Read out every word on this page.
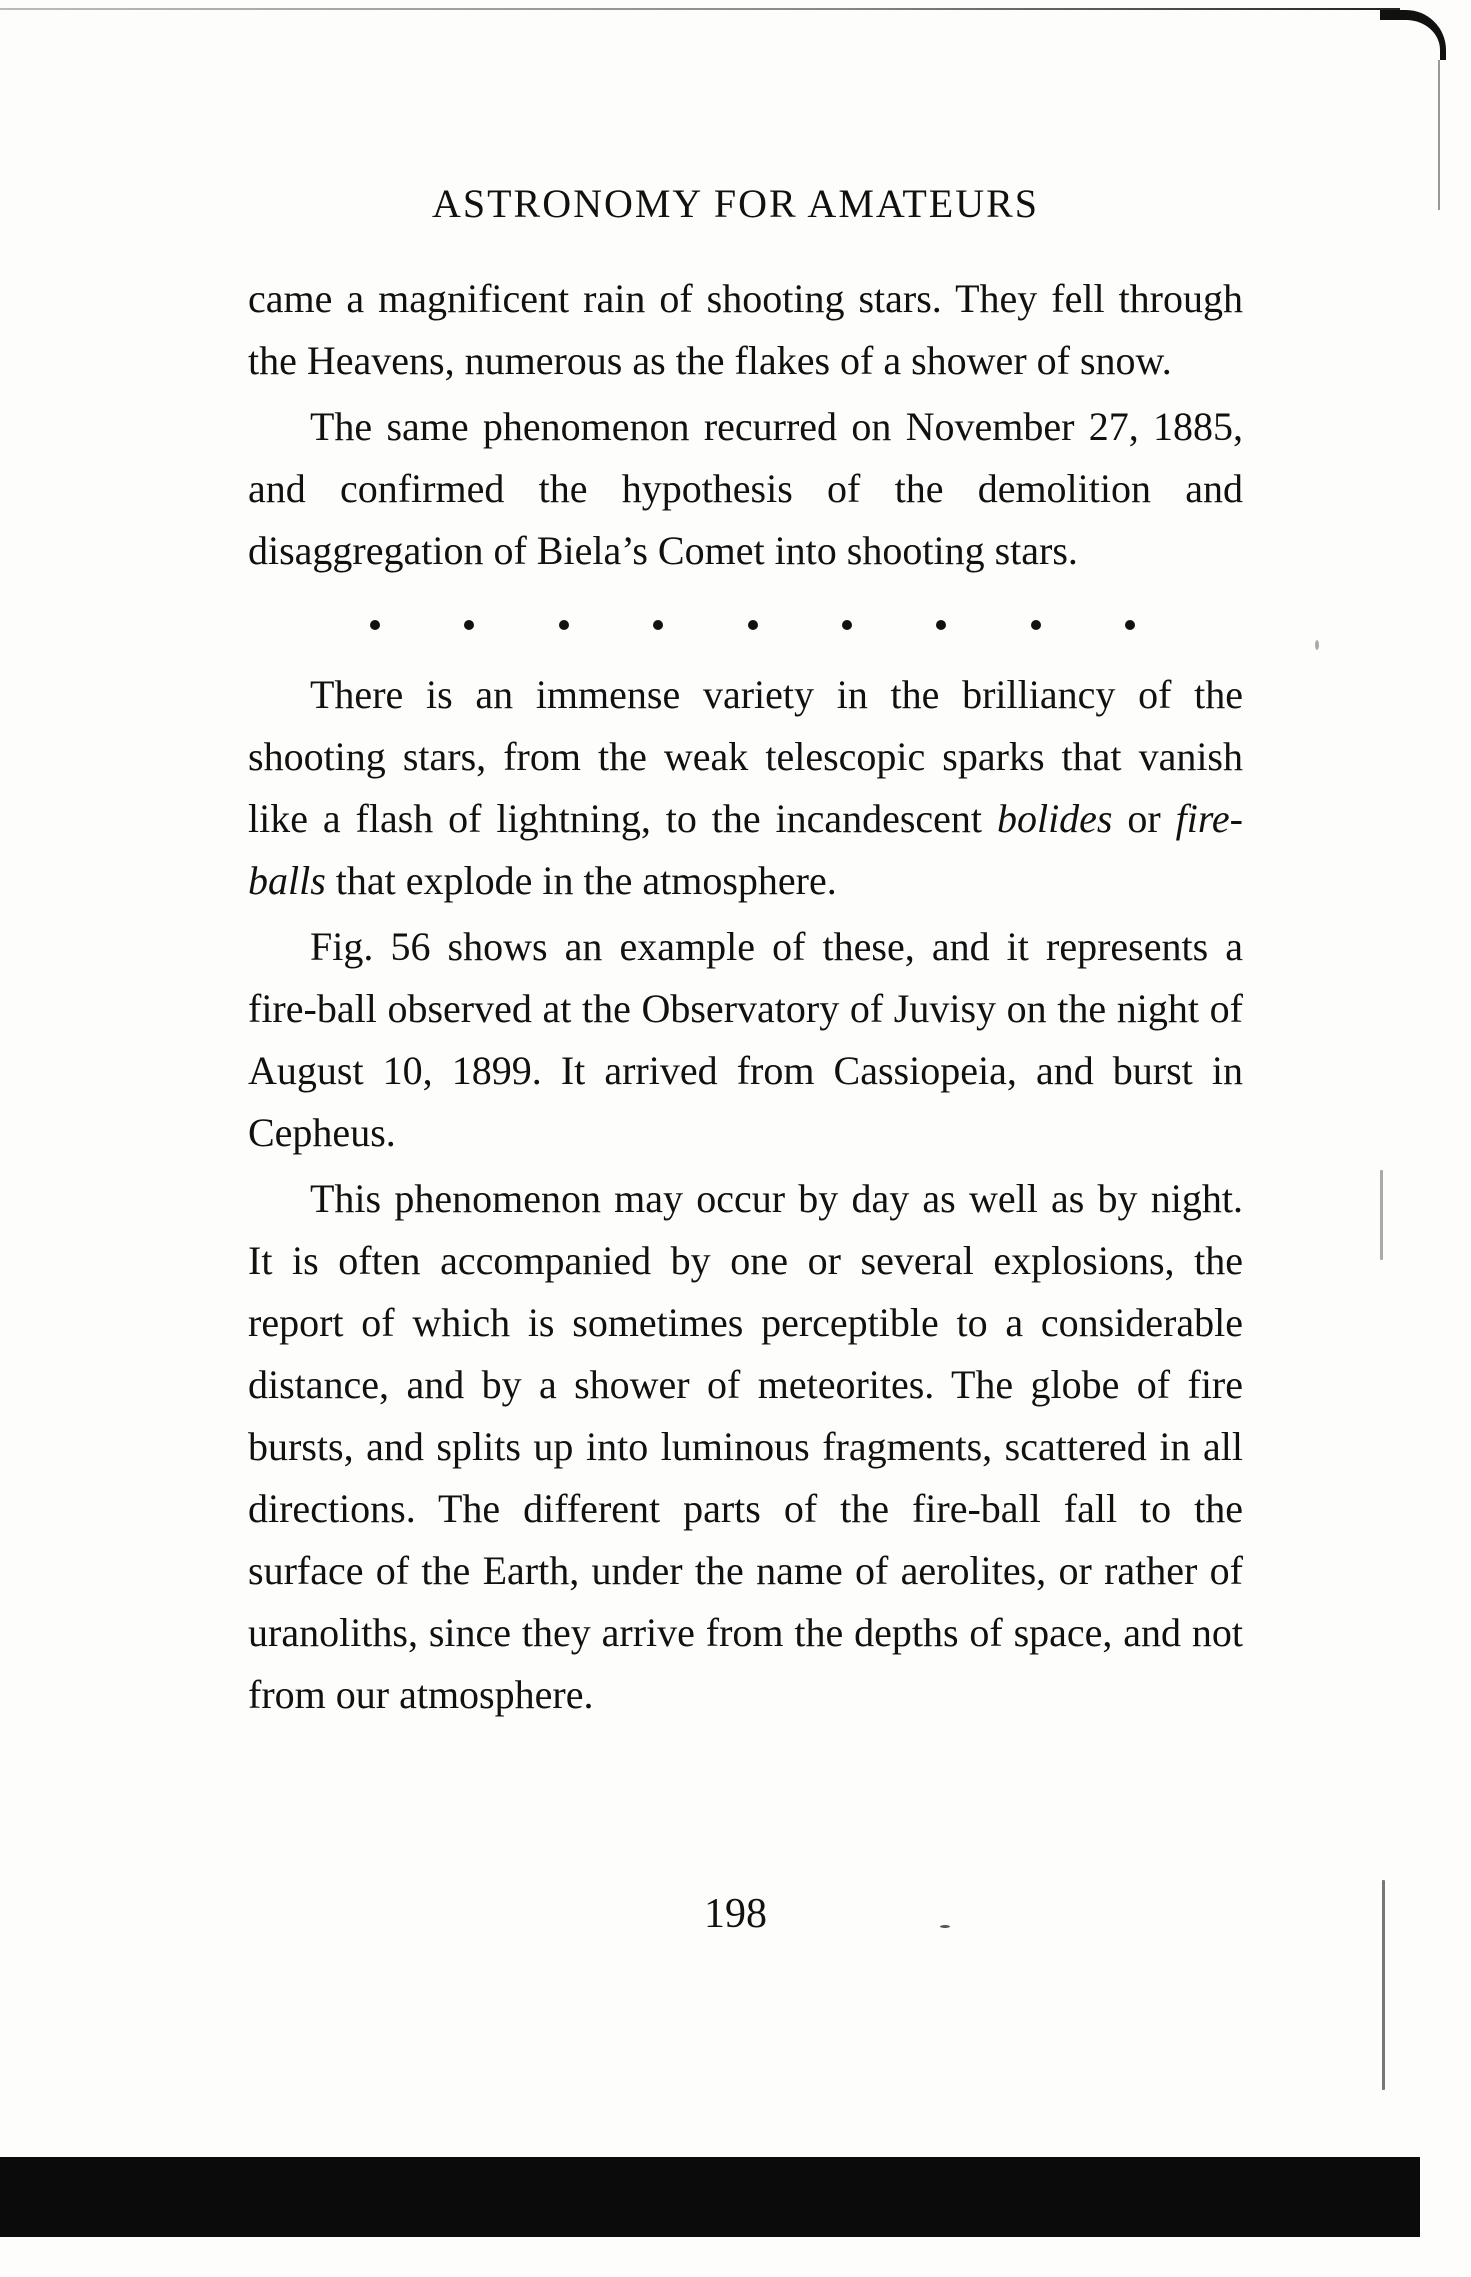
ASTRONOMY FOR AMATEURS

came a magnificent rain of shooting stars. They fell through the Heavens, numerous as the flakes of a shower of snow.

The same phenomenon recurred on November 27, 1885, and confirmed the hypothesis of the demolition and disaggregation of Biela’s Comet into shooting stars.

There is an immense variety in the brilliancy of the shooting stars, from the weak telescopic sparks that vanish like a flash of lightning, to the incandescent bolides or fire-balls that explode in the atmosphere.

Fig. 56 shows an example of these, and it represents a fire-ball observed at the Observatory of Juvisy on the night of August 10, 1899. It arrived from Cassiopeia, and burst in Cepheus.

This phenomenon may occur by day as well as by night. It is often accompanied by one or several explosions, the report of which is sometimes perceptible to a considerable distance, and by a shower of meteorites. The globe of fire bursts, and splits up into luminous fragments, scattered in all directions. The different parts of the fire-ball fall to the surface of the Earth, under the name of aerolites, or rather of uranoliths, since they arrive from the depths of space, and not from our atmosphere.

198
